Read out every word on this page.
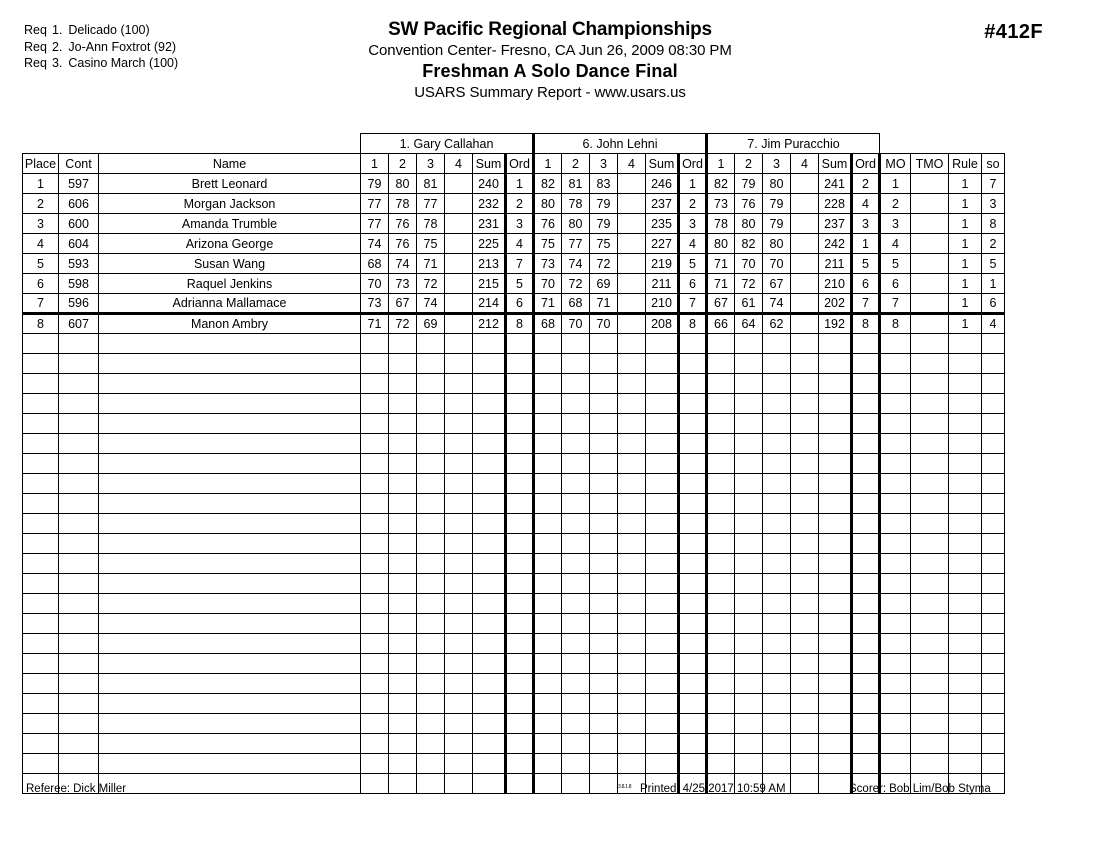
Req 1. Delicado (100)
Req 2. Jo-Ann Foxtrot (92)
Req 3. Casino March (100)
SW Pacific Regional Championships
Convention Center- Fresno, CA Jun 26, 2009 08:30 PM
Freshman A Solo Dance Final
USARS Summary Report - www.usars.us
#412F
			1. Gary Callahan						6. John Lehni						7. Jim Puracchio									
Place	Cont	Name	1	2	3	4	Sum	Ord	1	2	3	4	Sum	Ord	1	2	3	4	Sum	Ord	MO	TMO	Rule	so
1	597	Brett Leonard	79	80	81		240	1	82	81	83		246	1	82	79	80		241	2	1		1	7
2	606	Morgan Jackson	77	78	77		232	2	80	78	79		237	2	73	76	79		228	4	2		1	3
3	600	Amanda Trumble	77	76	78		231	3	76	80	79		235	3	78	80	79		237	3	3		1	8
4	604	Arizona George	74	76	75		225	4	75	77	75		227	4	80	82	80		242	1	4		1	2
5	593	Susan Wang	68	74	71		213	7	73	74	72		219	5	71	70	70		211	5	5		1	5
6	598	Raquel Jenkins	70	73	72		215	5	70	72	69		211	6	71	72	67		210	6	6		1	1
7	596	Adrianna Mallamace	73	67	74		214	6	71	68	71		210	7	67	61	74		202	7	7		1	6
8	607	Manon Ambry	71	72	69		212	8	68	70	70		208	8	66	64	62		192	8	8		1	4

Referee: Dick Miller	3.8.1.8 Printed: 4/25/2017 10:59 AM	Scorer: Bob Lim/Bob Styma
